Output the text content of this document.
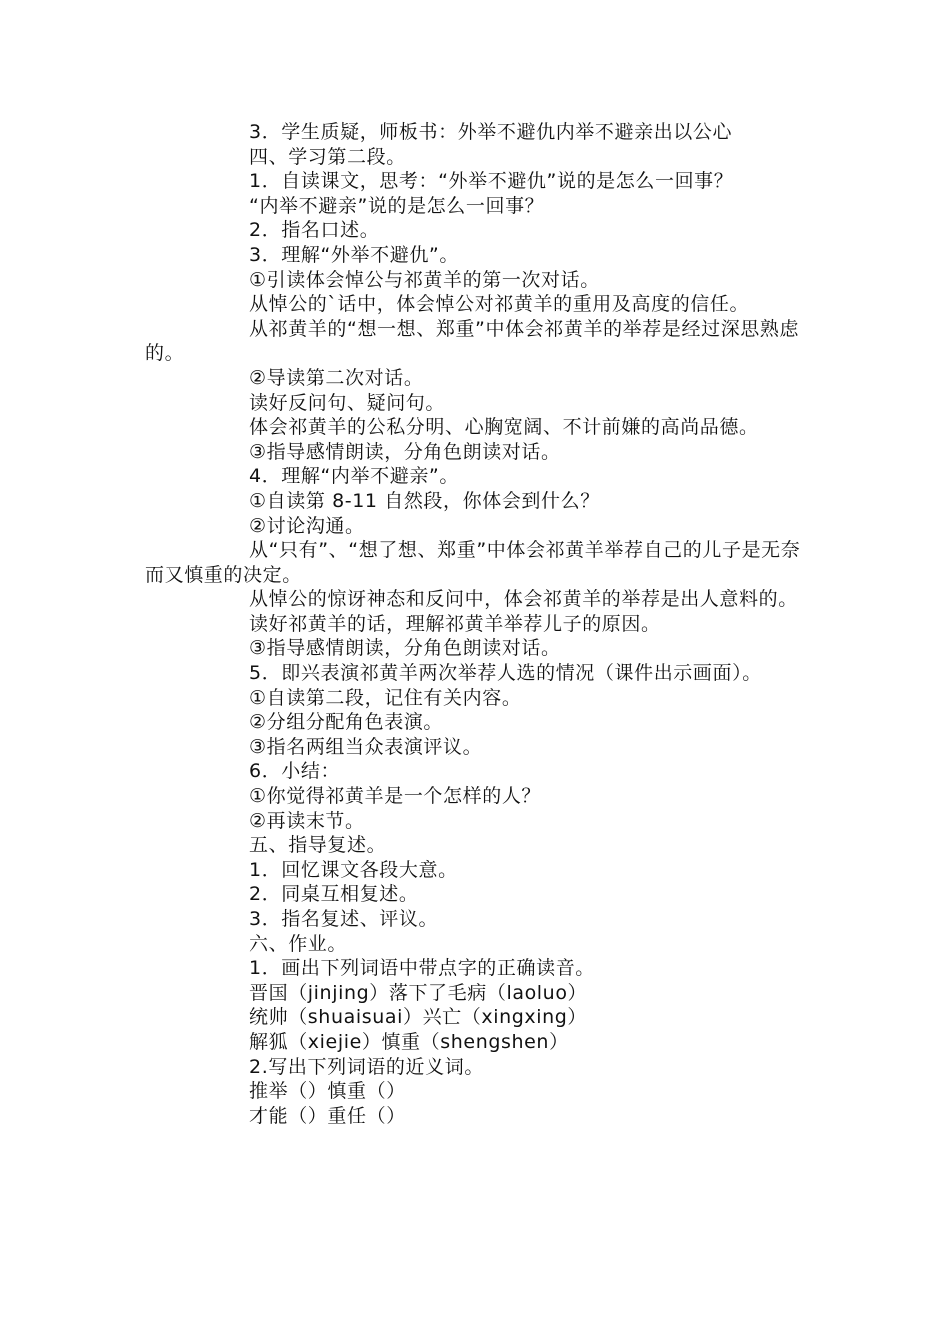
3．学生质疑，师板书：外举不避仇内举不避亲出以公心

四、学习第二段。

1．自读课文，思考：“外举不避仇”说的是怎么一回事？

“内举不避亲”说的是怎么一回事？

2．指名口述。

3．理解“外举不避仇”。

①引读体会悼公与祁黄羊的第一次对话。

从悼公的`话中，体会悼公对祁黄羊的重用及高度的信任。

从祁黄羊的“想一想、郑重”中体会祁黄羊的举荐是经过深思熟虑的。

②导读第二次对话。

读好反问句、疑问句。

体会祁黄羊的公私分明、心胸宽阔、不计前嫌的高尚品德。

③指导感情朗读，分角色朗读对话。

4．理解“内举不避亲”。

①自读第 8-11 自然段，你体会到什么？

②讨论沟通。

从“只有”、“想了想、郑重”中体会祁黄羊举荐自己的儿子是无奈而又慎重的决定。

从悼公的惊讶神态和反问中，体会祁黄羊的举荐是出人意料的。

读好祁黄羊的话，理解祁黄羊举荐儿子的原因。

③指导感情朗读，分角色朗读对话。

5．即兴表演祁黄羊两次举荐人选的情况（课件出示画面）。

①自读第二段，记住有关内容。

②分组分配角色表演。

③指名两组当众表演评议。

6．小结：

①你觉得祁黄羊是一个怎样的人？

②再读末节。

五、指导复述。

1．回忆课文各段大意。

2．同桌互相复述。

3．指名复述、评议。

六、作业。

1．画出下列词语中带点字的正确读音。

晋国（jinjing）落下了毛病（laoluo）

统帅（shuaisuai）兴亡（xingxing）

解狐（xiejie）慎重（shengshen）

2.写出下列词语的近义词。

推举（）慎重（）

才能（）重任（）
